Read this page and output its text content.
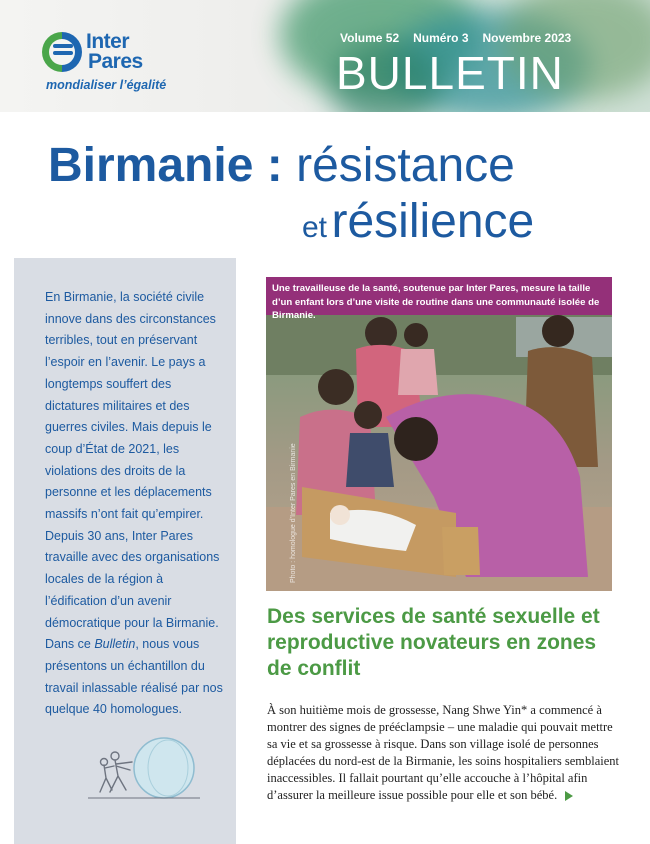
Inter
Pares
mondialiser l’égalité
Volume 52 Numéro 3 Novembre 2023
BULLETIN
Birmanie : résistance
et résilience
En Birmanie, la société civile innove dans des circonstances terribles, tout en préservant l’espoir en l’avenir. Le pays a longtemps souffert des dictatures militaires et des guerres civiles. Mais depuis le coup d’État de 2021, les violations des droits de la personne et les déplacements massifs n’ont fait qu’empirer. Depuis 30 ans, Inter Pares travaille avec des organisations locales de la région à l’édification d’un avenir démocratique pour la Birmanie. Dans ce Bulletin, nous vous présentons un échantillon du travail inlassable réalisé par nos quelque 40 homologues.
Une travailleuse de la santé, soutenue par Inter Pares, mesure la taille d’un enfant lors d’une visite de routine dans une communauté isolée de Birmanie.
Photo : homologue d’Inter Pares en Birmanie
Des services de santé sexuelle et reproductive novateurs en zones de conflit
À son huitième mois de grossesse, Nang Shwe Yin* a commencé à montrer des signes de prééclampsie – une maladie qui pouvait mettre sa vie et sa grossesse à risque. Dans son village isolé de personnes déplacées du nord-est de la Birmanie, les soins hospitaliers semblaient inaccessibles. Il fallait pourtant qu’elle accouche à l’hôpital afin d’assurer la meilleure issue possible pour elle et son bébé.
